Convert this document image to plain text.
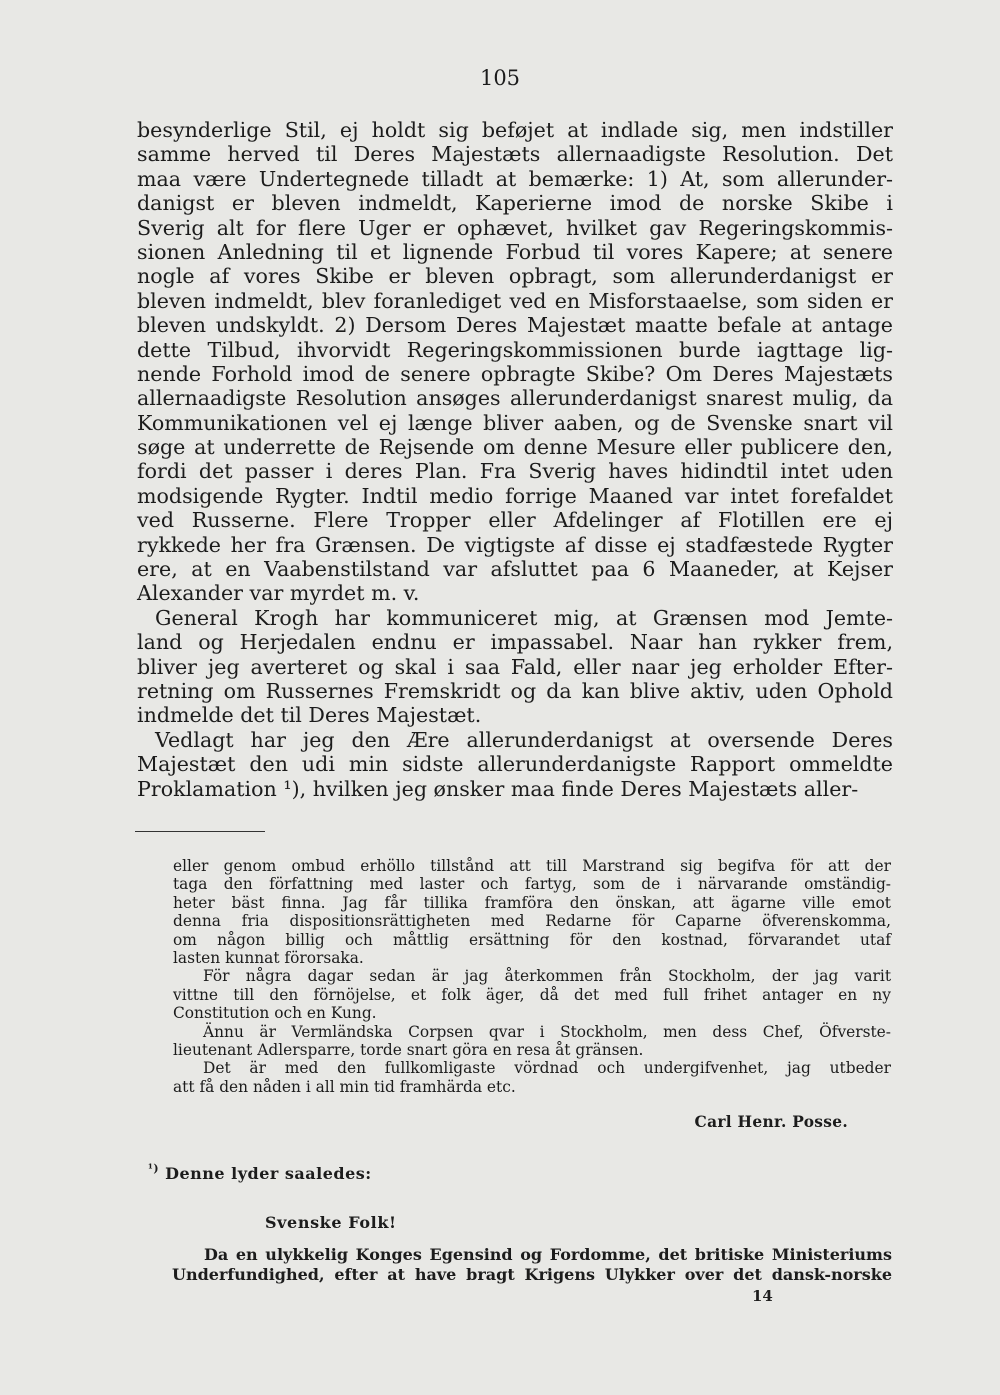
105
besynderlige Stil, ej holdt sig beføjet at indlade sig, men indstiller
samme herved til Deres Majestæts allernaadigste Resolution. Det
maa være Undertegnede tilladt at bemærke: 1) At, som allerunder-
danigst er bleven indmeldt, Kaperierne imod de norske Skibe i
Sverig alt for flere Uger er ophævet, hvilket gav Regeringskommis-
sionen Anledning til et lignende Forbud til vores Kapere; at senere
nogle af vores Skibe er bleven opbragt, som allerunderdanigst er
bleven indmeldt, blev foranlediget ved en Misforstaaelse, som siden er
bleven undskyldt. 2) Dersom Deres Majestæt maatte befale at antage
dette Tilbud, ihvorvidt Regeringskommissionen burde iagttage lig-
nende Forhold imod de senere opbragte Skibe? Om Deres Majestæts
allernaadigste Resolution ansøges allerunderdanigst snarest mulig, da
Kommunikationen vel ej længe bliver aaben, og de Svenske snart vil
søge at underrette de Rejsende om denne Mesure eller publicere den,
fordi det passer i deres Plan. Fra Sverig haves hidindtil intet uden
modsigende Rygter. Indtil medio forrige Maaned var intet forefaldet
ved Russerne. Flere Tropper eller Afdelinger af Flotillen ere ej
rykkede her fra Grænsen. De vigtigste af disse ej stadfæstede Rygter
ere, at en Vaabenstilstand var afsluttet paa 6 Maaneder, at Kejser
Alexander var myrdet m. v.
General Krogh har kommuniceret mig, at Grænsen mod Jemte-
land og Herjedalen endnu er impassabel. Naar han rykker frem,
bliver jeg averteret og skal i saa Fald, eller naar jeg erholder Efter-
retning om Russernes Fremskridt og da kan blive aktiv, uden Ophold
indmelde det til Deres Majestæt.
Vedlagt har jeg den Ære allerunderdanigst at oversende Deres
Majestæt den udi min sidste allerunderdanigste Rapport ommeldte
Proklamation ¹), hvilken jeg ønsker maa finde Deres Majestæts aller-
eller genom ombud erhöllo tillstånd att till Marstrand sig begifva för att der
taga den författning med laster och fartyg, som de i närvarande omständig-
heter bäst finna. Jag får tillika framföra den önskan, att ägarne ville emot
denna fria dispositionsrättigheten med Redarne för Caparne öfverenskomma,
om någon billig och måttlig ersättning för den kostnad, förvarandet utaf
lasten kunnat förorsaka.
För några dagar sedan är jag återkommen från Stockholm, der jag varit
vittne till den förnöjelse, et folk äger, då det med full frihet antager en ny
Constitution och en Kung.
Ännu är Vermländska Corpsen qvar i Stockholm, men dess Chef, Öfverste-
lieutenant Adlersparre, torde snart göra en resa åt gränsen.
Det är med den fullkomligaste vördnad och undergifvenhet, jag utbeder
att få den nåden i all min tid framhärda etc.
Carl Henr. Posse.
$^{^1)}$ Denne lyder saaledes:
Svenske Folk!
Da en ulykkelig Konges Egensind og Fordomme, det britiske Ministeriums
Underfundighed, efter at have bragt Krigens Ulykker over det dansk-norske
14
